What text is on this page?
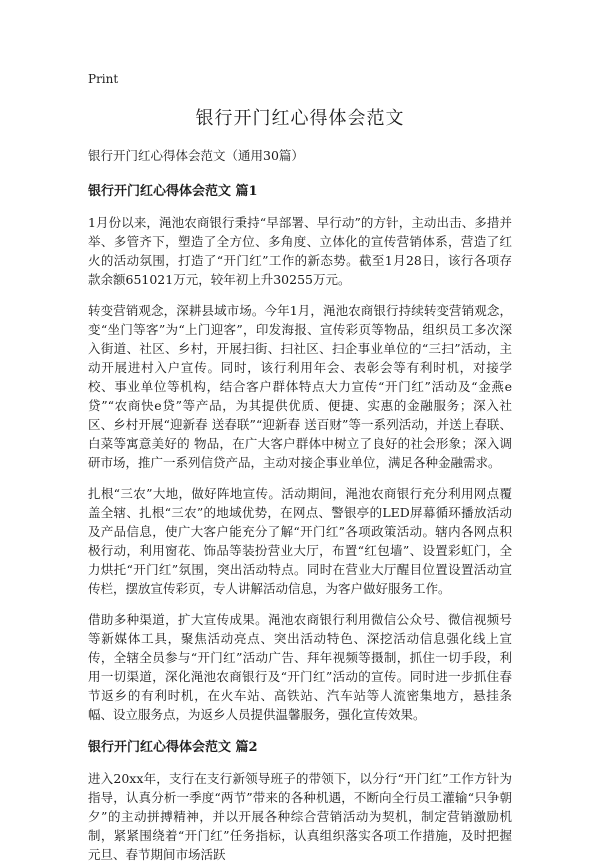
Print
银行开门红心得体会范文
银行开门红心得体会范文（通用30篇）
银行开门红心得体会范文 篇1

1月份以来，渑池农商银行秉持“早部署、早行动”的方针，主动出击、多措并举、多管齐下，塑造了全方位、多角度、立体化的宣传营销体系，营造了红火的活动氛围，打造了“开门红”工作的新态势。截至1月28日，该行各项存款余额651021万元，较年初上升30255万元。

转变营销观念，深耕县域市场。今年1月，渑池农商银行持续转变营销观念，变“坐门等客”为“上门迎客”，印发海报、宣传彩页等物品，组织员工多次深入街道、社区、乡村，开展扫街、扫社区、扫企事业单位的“三扫”活动，主动开展进村入户宣传。同时，该行利用年会、表彰会等有利时机，对接学校、事业单位等机构，结合客户群体特点大力宣传“开门红”活动及“金燕e贷”“农商快e贷”等产品，为其提供优质、便捷、实惠的金融服务；深入社区、乡村开展“迎新春 送春联”“迎新春 送百财”等一系列活动，并送上春联、白菜等寓意美好的 物品，在广大客户群体中树立了良好的社会形象；深入调研市场，推广一系列信贷产品，主动对接企事业单位，满足各种金融需求。

扎根“三农”大地，做好阵地宣传。活动期间，渑池农商银行充分利用网点覆盖全辖、扎根“三农”的地域优势，在网点、警银亭的LED屏幕循环播放活动及产品信息，使广大客户能充分了解“开门红”各项政策活动。辖内各网点积极行动，利用窗花、饰品等装扮营业大厅，布置“红包墙”、设置彩虹门，全力烘托“开门红”氛围，突出活动特点。同时在营业大厅醒目位置设置活动宣传栏，摆放宣传彩页，专人讲解活动信息，为客户做好服务工作。

借助多种渠道，扩大宣传成果。渑池农商银行利用微信公众号、微信视频号等新媒体工具，聚焦活动亮点、突出活动特色、深挖活动信息强化线上宣传，全辖全员参与“开门红”活动广告、拜年视频等摄制，抓住一切手段，利用一切渠道，深化渑池农商银行及“开门红”活动的宣传。同时进一步抓住春节返乡的有利时机，在火车站、高铁站、汽车站等人流密集地方，悬挂条幅、设立服务点，为返乡人员提供温馨服务，强化宣传效果。

银行开门红心得体会范文 篇2

进入20xx年，支行在支行新领导班子的带领下，以分行“开门红”工作方针为指导，认真分析一季度“两节”带来的各种机遇，不断向全行员工灌输“只争朝夕”的主动拼搏精神，并以开展各种综合营销活动为契机，制定营销激励机制，紧紧围绕着“开门红”任务指标，认真组织落实各项工作措施，及时把握元旦、春节期间市场活跃
